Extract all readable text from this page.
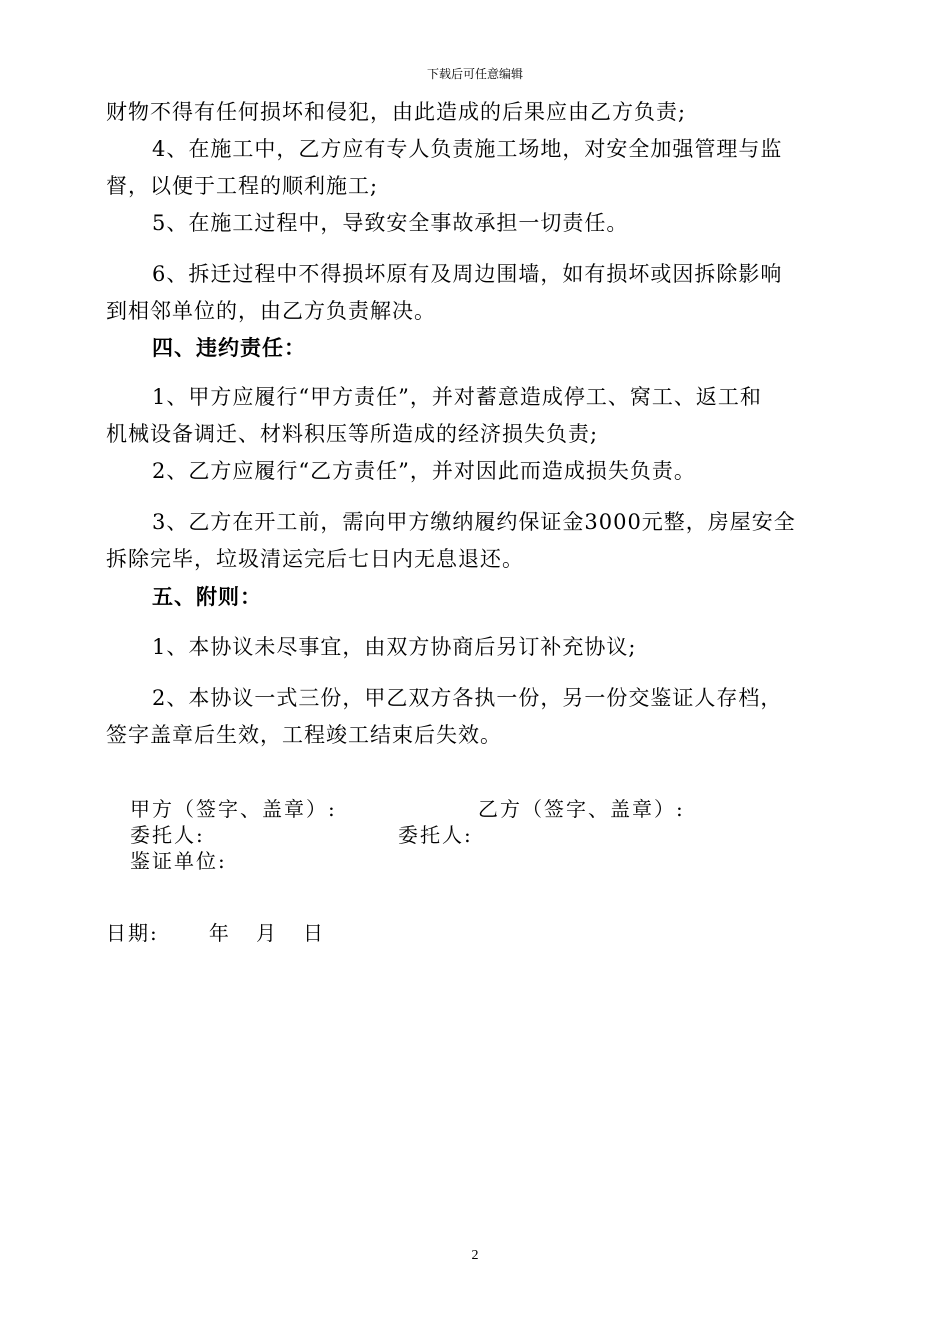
下载后可任意编辑
财物不得有任何损坏和侵犯，由此造成的后果应由乙方负责;
4、在施工中，乙方应有专人负责施工场地，对安全加强管理与监
督，以便于工程的顺利施工;
5、在施工过程中，导致安全事故承担一切责任。
6、拆迁过程中不得损坏原有及周边围墙，如有损坏或因拆除影响
到相邻单位的，由乙方负责解决。
四、违约责任：
1、甲方应履行“甲方责任”，并对蓄意造成停工、窝工、返工和
机械设备调迁、材料积压等所造成的经济损失负责;
2、乙方应履行“乙方责任”，并对因此而造成损失负责。
3、乙方在开工前，需向甲方缴纳履约保证金3000元整，房屋安全
拆除完毕，垃圾清运完后七日内无息退还。
五、附则：
1、本协议未尽事宜，由双方协商后另订补充协议;
2、本协议一式三份，甲乙双方各执一份，另一份交鉴证人存档，
签字盖章后生效，工程竣工结束后失效。
甲方（签字、盖章）:	乙方（签字、盖章）:
委托人:	委托人:
鉴证单位:
日期:      年   月   日
2
